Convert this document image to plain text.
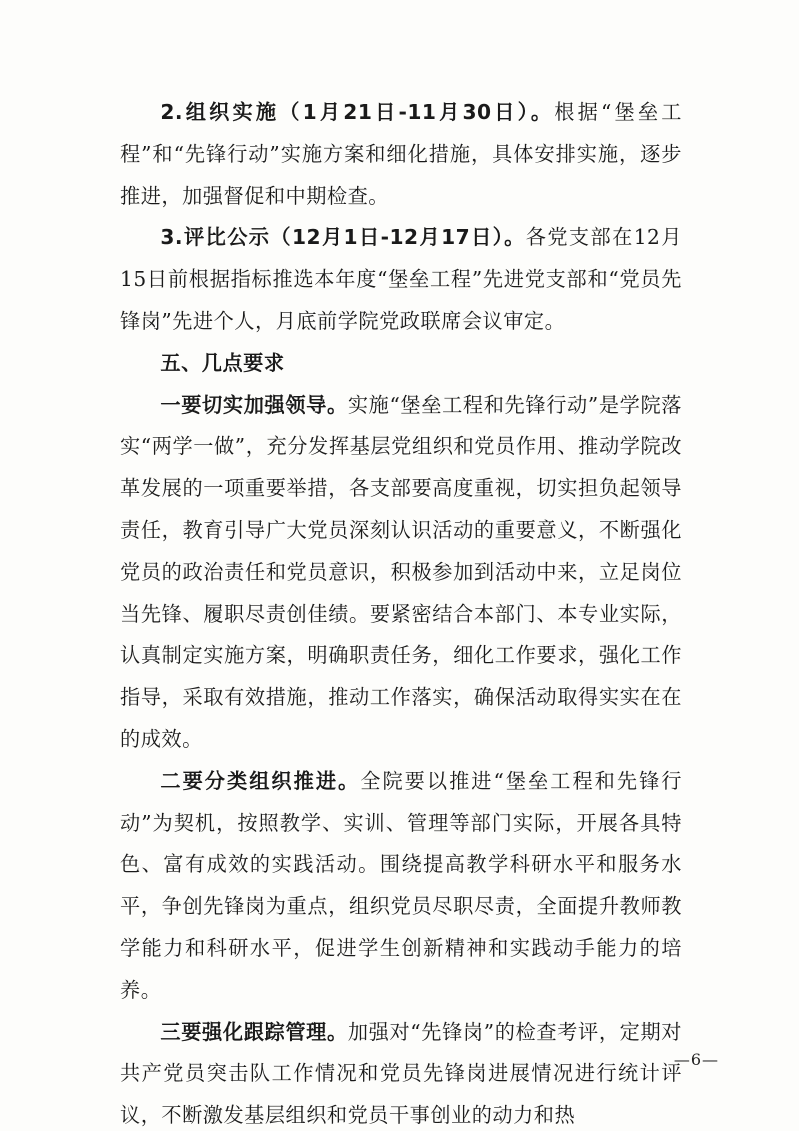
2.组织实施（1月21日-11月30日）。根据“堡垒工程”和“先锋行动”实施方案和细化措施，具体安排实施，逐步推进，加强督促和中期检查。

3.评比公示（12月1日-12月17日）。各党支部在12月15日前根据指标推选本年度“堡垒工程”先进党支部和“党员先锋岗”先进个人，月底前学院党政联席会议审定。

五、几点要求

一要切实加强领导。实施“堡垒工程和先锋行动”是学院落实“两学一做”，充分发挥基层党组织和党员作用、推动学院改革发展的一项重要举措，各支部要高度重视，切实担负起领导责任，教育引导广大党员深刻认识活动的重要意义，不断强化党员的政治责任和党员意识，积极参加到活动中来，立足岗位当先锋、履职尽责创佳绩。要紧密结合本部门、本专业实际，认真制定实施方案，明确职责任务，细化工作要求，强化工作指导，采取有效措施，推动工作落实，确保活动取得实实在在的成效。

二要分类组织推进。全院要以推进“堡垒工程和先锋行动”为契机，按照教学、实训、管理等部门实际，开展各具特色、富有成效的实践活动。围绕提高教学科研水平和服务水平，争创先锋岗为重点，组织党员尽职尽责，全面提升教师教学能力和科研水平，促进学生创新精神和实践动手能力的培养。

三要强化跟踪管理。加强对“先锋岗”的检查考评，定期对共产党员突击队工作情况和党员先锋岗进展情况进行统计评议，不断激发基层组织和党员干事创业的动力和热

—6—
